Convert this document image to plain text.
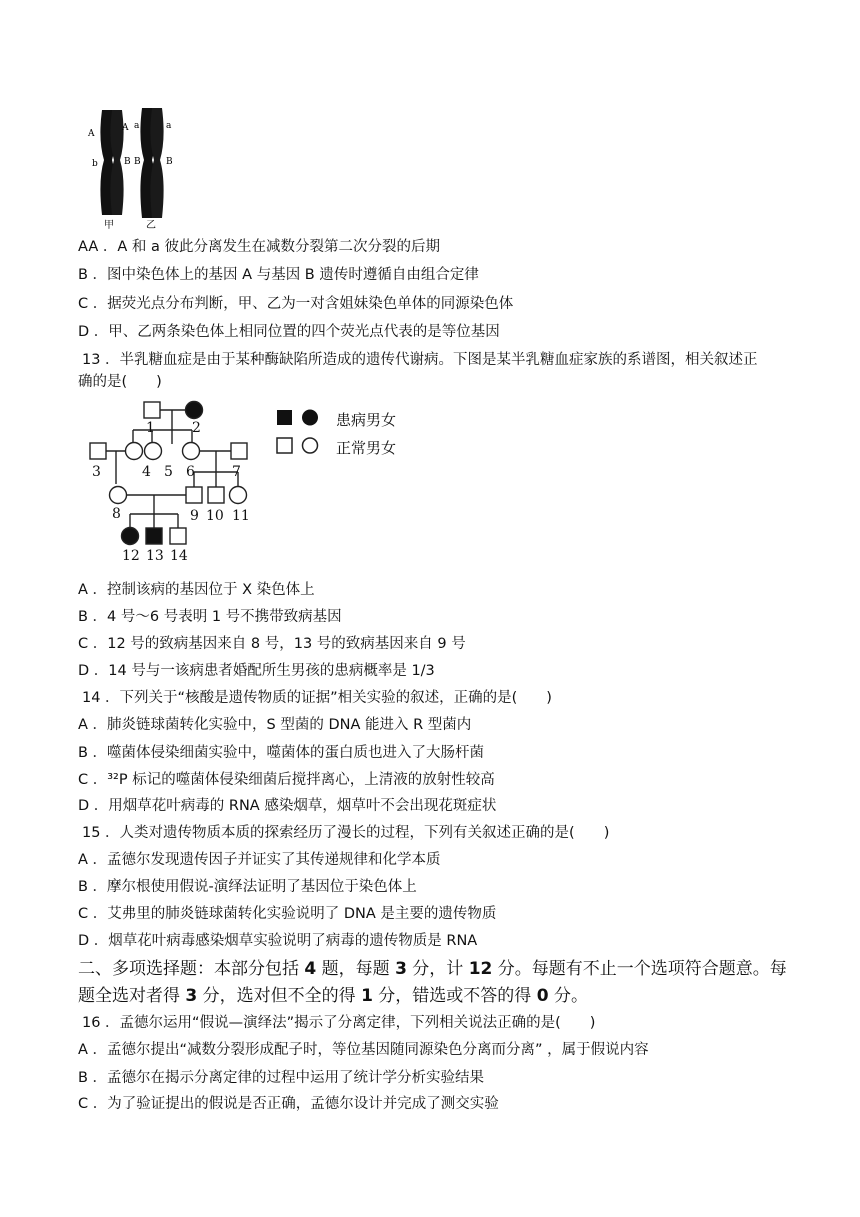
A
b
A
B
a
B
a
B
甲	乙
AA ．A 和 a 彼此分离发生在减数分裂第二次分裂的后期
B ．图中染色体上的基因 A 与基因 B 遗传时遵循自由组合定律
C ．据荧光点分布判断，甲、乙为一对含姐妹染色单体的同源染色体
D ．甲、乙两条染色体上相同位置的四个荧光点代表的是等位基因
13 ．半乳糖血症是由于某种酶缺陷所造成的遗传代谢病。下图是某半乳糖血症家族的系谱图，相关叙述正
确的是(　　)
1	2
3	4 5 6	7
8	9 10 11
12 13 14
患病男女
正常男女
A ．控制该病的基因位于 X 染色体上
B ．4 号～6 号表明 1 号不携带致病基因
C ．12 号的致病基因来自 8 号，13 号的致病基因来自 9 号
D ．14 号与一该病患者婚配所生男孩的患病概率是 1/3
14 ．下列关于“核酸是遗传物质的证据”相关实验的叙述，正确的是(　　)
A ．肺炎链球菌转化实验中，S 型菌的 DNA 能进入 R 型菌内
B ．噬菌体侵染细菌实验中，噬菌体的蛋白质也进入了大肠杆菌
C ．³²P 标记的噬菌体侵染细菌后搅拌离心，上清液的放射性较高
D ．用烟草花叶病毒的 RNA 感染烟草，烟草叶不会出现花斑症状
15 ．人类对遗传物质本质的探索经历了漫长的过程，下列有关叙述正确的是(　　)
A ．孟德尔发现遗传因子并证实了其传递规律和化学本质
B ．摩尔根使用假说-演绎法证明了基因位于染色体上
C ．艾弗里的肺炎链球菌转化实验说明了 DNA 是主要的遗传物质
D ．烟草花叶病毒感染烟草实验说明了病毒的遗传物质是 RNA
二、多项选择题：本部分包括 4 题，每题 3 分，计 12 分。每题有不止一个选项符合题意。每
题全选对者得 3 分，选对但不全的得 1 分，错选或不答的得 0 分。
16 ．孟德尔运用“假说—演绎法”揭示了分离定律，下列相关说法正确的是(　　)
A ．孟德尔提出“减数分裂形成配子时，等位基因随同源染色分离而分离” ，属于假说内容
B ．孟德尔在揭示分离定律的过程中运用了统计学分析实验结果
C ．为了验证提出的假说是否正确，孟德尔设计并完成了测交实验
